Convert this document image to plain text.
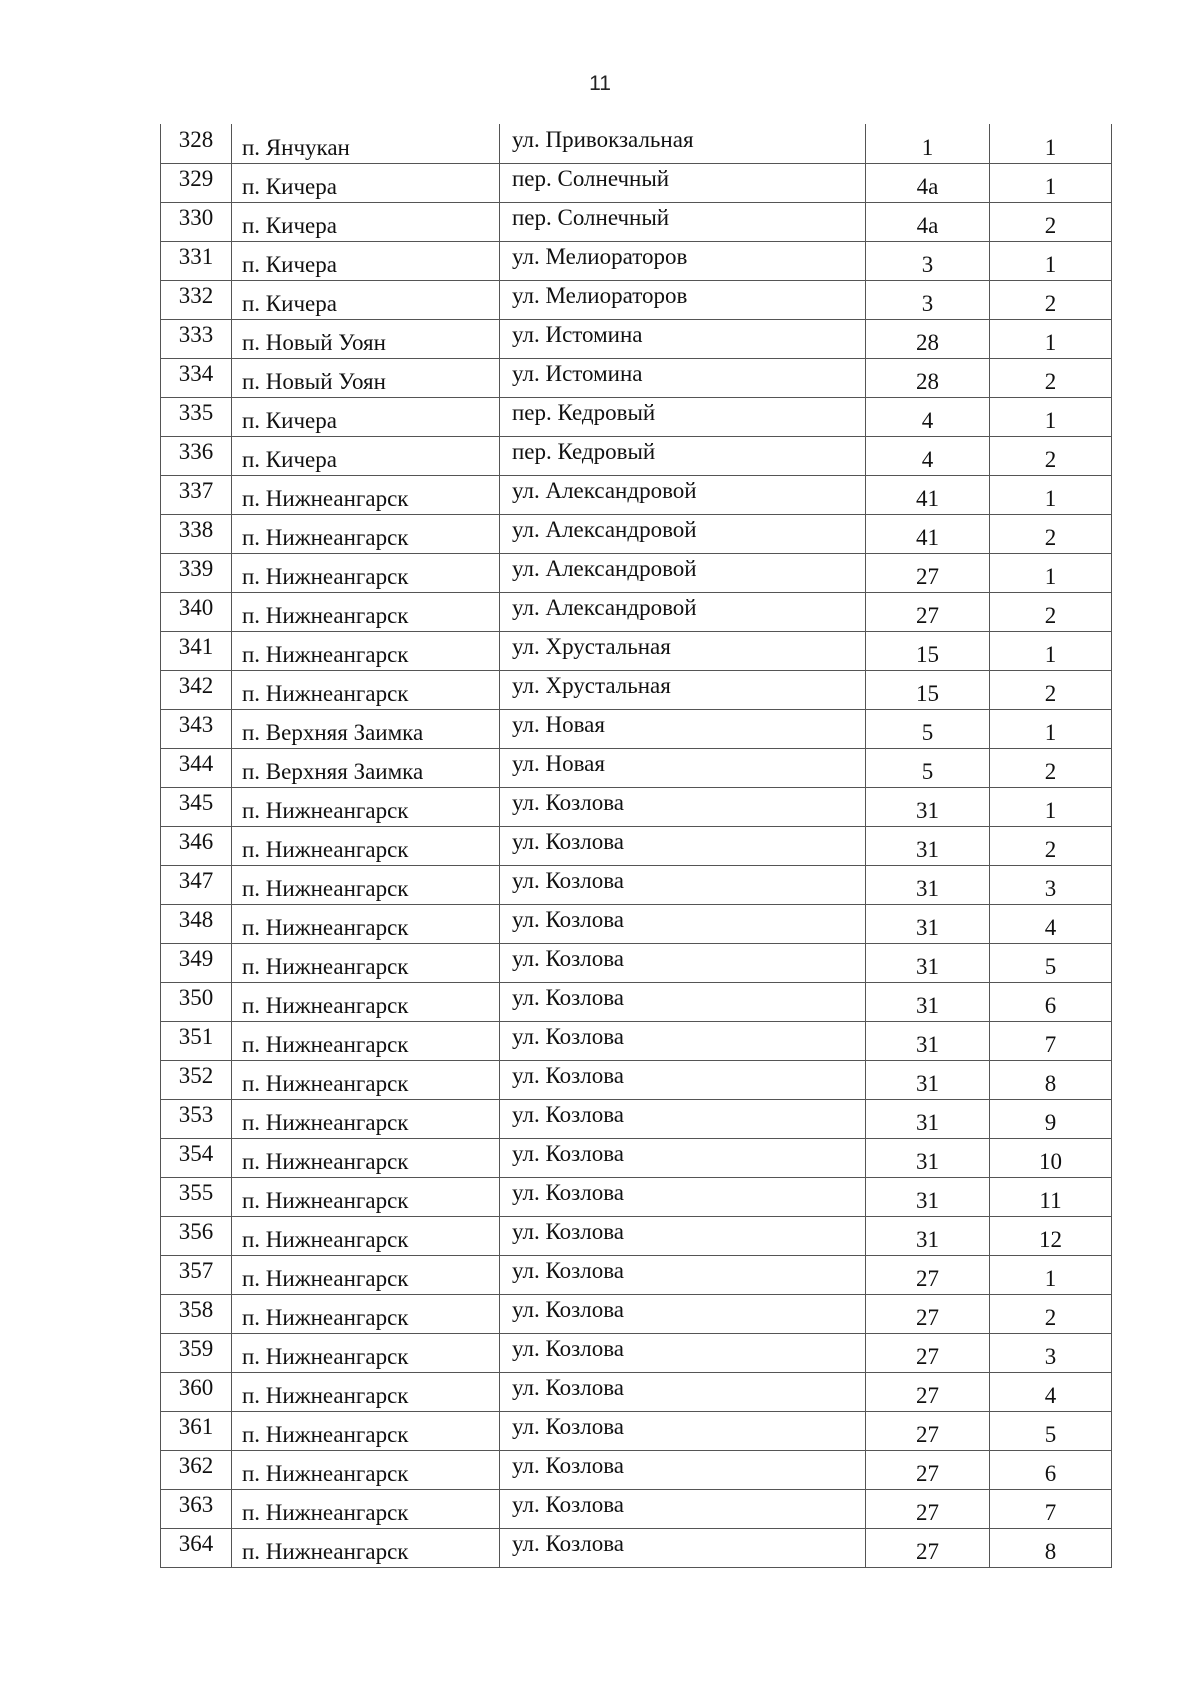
11
328	п. Янчукан	ул. Привокзальная	1	1
329	п. Кичера	пер. Солнечный	4а	1
330	п. Кичера	пер. Солнечный	4а	2
331	п. Кичера	ул. Мелиораторов	3	1
332	п. Кичера	ул. Мелиораторов	3	2
333	п. Новый Уоян	ул. Истомина	28	1
334	п. Новый Уоян	ул. Истомина	28	2
335	п. Кичера	пер. Кедровый	4	1
336	п. Кичера	пер. Кедровый	4	2
337	п. Нижнеангарск	ул. Александровой	41	1
338	п. Нижнеангарск	ул. Александровой	41	2
339	п. Нижнеангарск	ул. Александровой	27	1
340	п. Нижнеангарск	ул. Александровой	27	2
341	п. Нижнеангарск	ул. Хрустальная	15	1
342	п. Нижнеангарск	ул. Хрустальная	15	2
343	п. Верхняя Заимка	ул. Новая	5	1
344	п. Верхняя Заимка	ул. Новая	5	2
345	п. Нижнеангарск	ул. Козлова	31	1
346	п. Нижнеангарск	ул. Козлова	31	2
347	п. Нижнеангарск	ул. Козлова	31	3
348	п. Нижнеангарск	ул. Козлова	31	4
349	п. Нижнеангарск	ул. Козлова	31	5
350	п. Нижнеангарск	ул. Козлова	31	6
351	п. Нижнеангарск	ул. Козлова	31	7
352	п. Нижнеангарск	ул. Козлова	31	8
353	п. Нижнеангарск	ул. Козлова	31	9
354	п. Нижнеангарск	ул. Козлова	31	10
355	п. Нижнеангарск	ул. Козлова	31	11
356	п. Нижнеангарск	ул. Козлова	31	12
357	п. Нижнеангарск	ул. Козлова	27	1
358	п. Нижнеангарск	ул. Козлова	27	2
359	п. Нижнеангарск	ул. Козлова	27	3
360	п. Нижнеангарск	ул. Козлова	27	4
361	п. Нижнеангарск	ул. Козлова	27	5
362	п. Нижнеангарск	ул. Козлова	27	6
363	п. Нижнеангарск	ул. Козлова	27	7
364	п. Нижнеангарск	ул. Козлова	27	8
